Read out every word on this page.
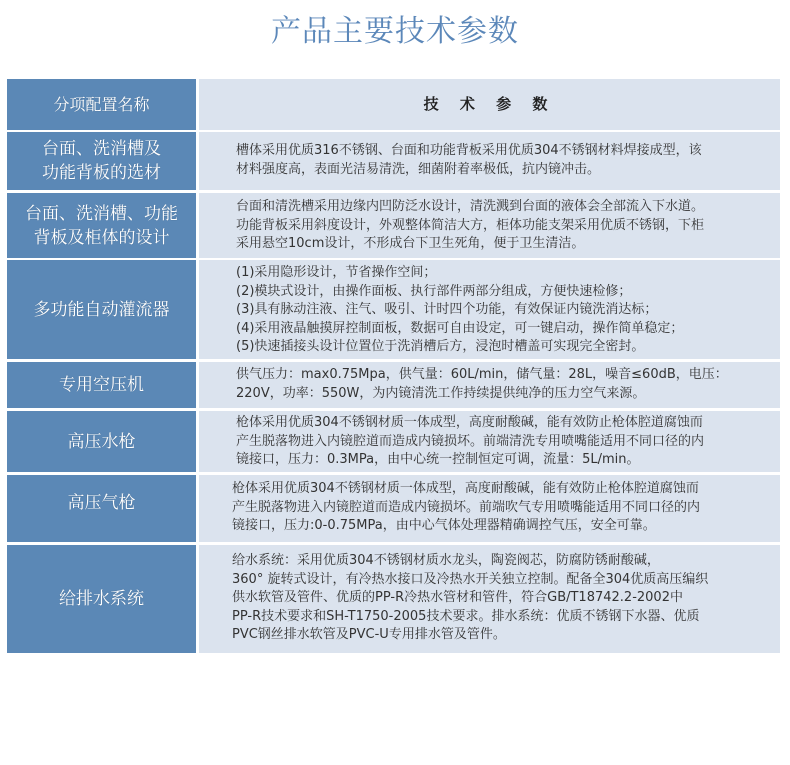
产品主要技术参数
分项配置名称	技 术 参 数
台面、洗消槽及
功能背板的选材
槽体采用优质316不锈钢、台面和功能背板采用优质304不锈钢材料焊接成型，该
材料强度高，表面光洁易清洗，细菌附着率极低，抗内镜冲击。
台面、洗消槽、功能
背板及柜体的设计
台面和清洗槽采用边缘内凹防泛水设计，清洗溅到台面的液体会全部流入下水道。
功能背板采用斜度设计，外观整体简洁大方，柜体功能支架采用优质不锈钢，下柜
采用悬空10cm设计，不形成台下卫生死角，便于卫生清洁。
多功能自动灌流器
(1)采用隐形设计，节省操作空间；
(2)模块式设计，由操作面板、执行部件两部分组成，方便快速检修；
(3)具有脉动注液、注气、吸引、计时四个功能，有效保证内镜洗消达标；
(4)采用液晶触摸屏控制面板，数据可自由设定，可一键启动，操作简单稳定；
(5)快速插接头设计位置位于洗消槽后方，浸泡时槽盖可实现完全密封。
专用空压机
供气压力：max0.75Mpa，供气量：60L/min，储气量：28L，噪音≤60dB，电压：
220V，功率：550W，为内镜清洗工作持续提供纯净的压力空气来源。
高压水枪
枪体采用优质304不锈钢材质一体成型，高度耐酸碱，能有效防止枪体腔道腐蚀而
产生脱落物进入内镜腔道而造成内镜损坏。前端清洗专用喷嘴能适用不同口径的内
镜接口，压力：0.3MPa，由中心统一控制恒定可调，流量：5L/min。
高压气枪
枪体采用优质304不锈钢材质一体成型，高度耐酸碱，能有效防止枪体腔道腐蚀而
产生脱落物进入内镜腔道而造成内镜损坏。前端吹气专用喷嘴能适用不同口径的内
镜接口，压力:0-0.75MPa，由中心气体处理器精确调控气压，安全可靠。
给排水系统
给水系统：采用优质304不锈钢材质水龙头，陶瓷阀芯，防腐防锈耐酸碱，
360° 旋转式设计，有冷热水接口及冷热水开关独立控制。配备全304优质高压编织
供水软管及管件、优质的PP-R冷热水管材和管件，符合GB/T18742.2-2002中
PP-R技术要求和SH-T1750-2005技术要求。排水系统：优质不锈钢下水器、优质
PVC钢丝排水软管及PVC-U专用排水管及管件。
